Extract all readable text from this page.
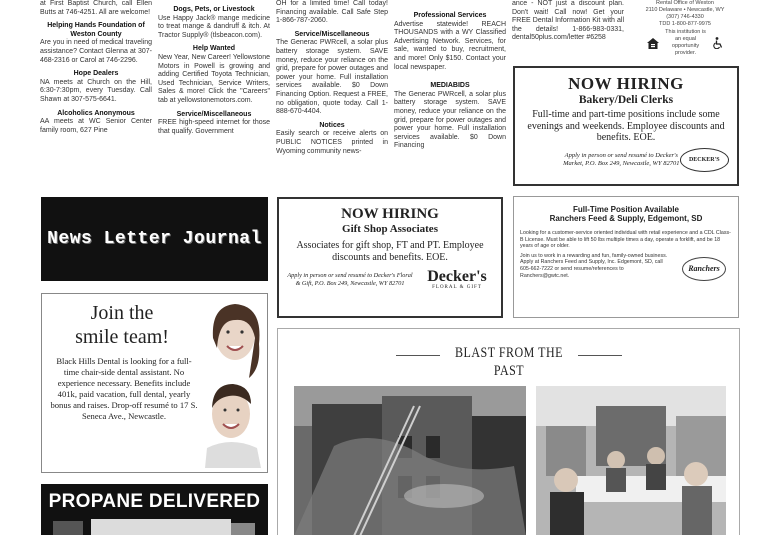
at First Baptist Church, call Ellen Butts at 746-4251. All are welcome!
Helping Hands Foundation of Weston County
Are you in need of medical traveling assistance? Contact Glenna at 307-468-2316 or Carol at 746-2296.
Hope Dealers
NA meets at Church on the Hill, 6:30-7:30pm, every Tuesday. Call Shawn at 307-575-6641.
Alcoholics Anonymous
AA meets at WC Senior Center family room, 627 Pine
Dogs, Pets, or Livestock
Use Happy Jack® mange medicine to treat mange & dandruff & itch. At Tractor Supply® (tlsbeacon.com).
Help Wanted
New Year, New Career! Yellowstone Motors in Powell is growing and adding Certified Toyota Technician, Used Technician, Service Writers, Sales & more! Click the "Careers" tab at yellowstonemotors.com.
Service/Miscellaneous
FREE high-speed internet for those that qualify. Government
OH for a limited time! Call today! Financing available. Call Safe Step 1-866-787-2060.
Service/Miscellaneous
The Generac PWRcell, a solar plus battery storage system. SAVE money, reduce your reliance on the grid, prepare for power outages and power your home. Full installation services available. $0 Down Financing Option. Request a FREE, no obligation, quote today. Call 1-888-670-4404.
Notices
Easily search or receive alerts on PUBLIC NOTICES printed in Wyoming community news-
Professional Services
Advertise statewide! REACH THOUSANDS with a WY Classified Advertising Network. Services, for sale, wanted to buy, recruitment, and more! Only $150. Contact your local newspaper.
MEDIABIDS
The Generac PWRcell, a solar plus battery storage system. SAVE money, reduce your reliance on the grid, prepare for power outages and power your home. Full installation services available. $0 Down Financing
ance - NOT just a discount plan. Don't wait! Call now! Get your FREE Dental Information Kit with all the details! 1-866-983-0331, dental50plus.com/letter #6258
Rental Office of Weston
2110 Delaware • Newcastle, WY
(307) 746-4330
TDD 1-800-877-9975
This institution is an equal opportunity provider.
NOW HIRING
Bakery/Deli Clerks
Full-time and part-time positions include some evenings and weekends. Employee discounts and benefits. EOE.
Apply in person or send resumé to Decker's Market, P.O. Box 249, Newcastle, WY 82701 DECKER'S
News Letter Journal
NOW HIRING
Gift Shop Associates
Associates for gift shop, FT and PT. Employee discounts and benefits. EOE.
Apply in person or send resumé to Decker's Floral & Gift, P.O. Box 249, Newcastle, WY 82701	Decker's
FLORAL & GIFT
Full-Time Position Available
Ranchers Feed & Supply, Edgemont, SD
Looking for a customer-service oriented individual with retail experience and a CDL Class-B License. Must be able to lift 50 lbs multiple times a day, operate a forklift, and be 18 years of age or older.
Join us to work in a rewarding and fun, family-owned business. Apply at Ranchers Feed and Supply, Inc. Edgemont, SD, call 605-662-7222 or send resume/references to Ranchers@gwtc.net.
Ranchers
Join the
smile team!
Black Hills Dental is looking for a full-time chair-side dental assistant. No experience necessary. Benefits include 401k, paid vacation, full dental, yearly bonus and raises. Drop-off resumé to 17 S. Seneca Ave., Newcastle.
PROPANE DELIVERED
BLAST FROM THE PAST
